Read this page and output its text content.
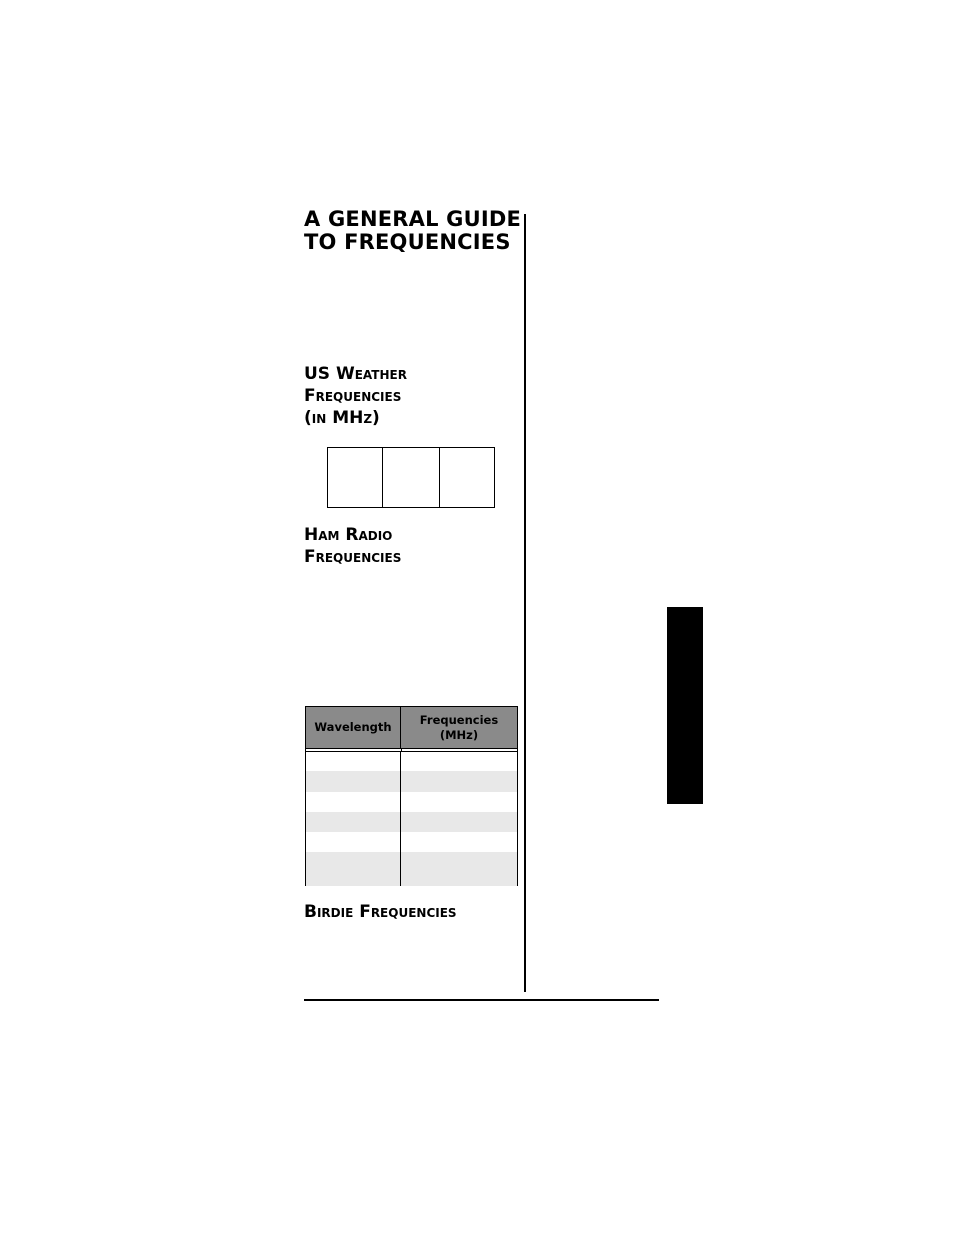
A GENERAL GUIDE
TO FREQUENCIES
US Weather
Frequencies
(in MHz)
Ham Radio
Frequencies
Wavelength
Frequencies
(MHz)
Birdie Frequencies
